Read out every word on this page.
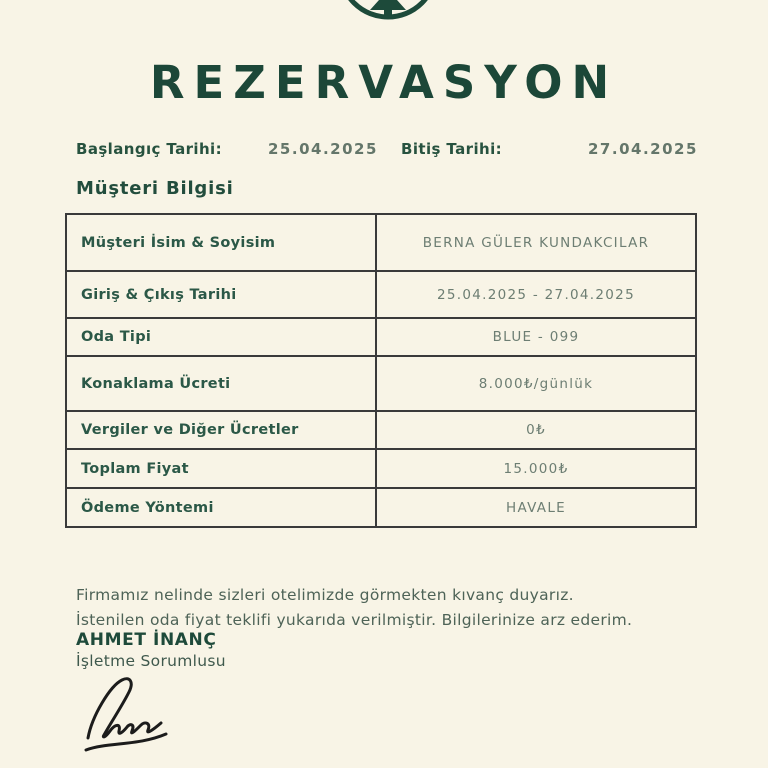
REZERVASYON
Başlangıç Tarihi:	25.04.2025 Bitiş Tarihi:	27.04.2025
Müşteri Bilgisi
Müşteri İsim & Soyisim	BERNA GÜLER KUNDAKCILAR
Giriş & Çıkış Tarihi	25.04.2025 - 27.04.2025
Oda Tipi	BLUE - 099
Konaklama Ücreti	8.000₺/günlük
Vergiler ve Diğer Ücretler	0₺
Toplam Fiyat	15.000₺
Ödeme Yöntemi	HAVALE
Firmamız nelinde sizleri otelimizde görmekten kıvanç duyarız.
İstenilen oda fiyat teklifi yukarıda verilmiştir. Bilgilerinize arz ederim.
AHMET İNANÇ
İşletme Sorumlusu
